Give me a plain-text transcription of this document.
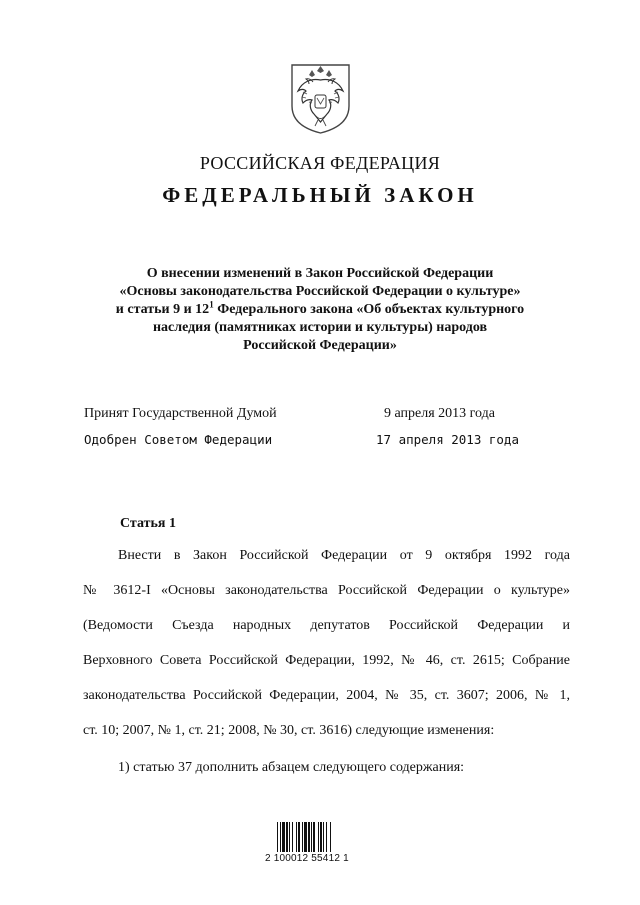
РОССИЙСКАЯ ФЕДЕРАЦИЯ
ФЕДЕРАЛЬНЫЙ ЗАКОН
О внесении изменений в Закон Российской Федерации
«Основы законодательства Российской Федерации о культуре»
и статьи 9 и $12^1$ Федерального закона «Об объектах культурного
наследия (памятниках истории и культуры) народов
Российской Федерации»
Принят Государственной Думой	9 апреля 2013 года
Одобрен Советом Федерации	17 апреля 2013 года
Статья 1
Внести в Закон Российской Федерации от 9 октября 1992 года
№ 3612-I «Основы законодательства Российской Федерации о культуре»
(Ведомости Съезда народных депутатов Российской Федерации и
Верховного Совета Российской Федерации, 1992, № 46, ст. 2615; Собрание
законодательства Российской Федерации, 2004, № 35, ст. 3607; 2006, № 1,
ст. 10; 2007, № 1, ст. 21; 2008, № 30, ст. 3616) следующие изменения:
1) статью 37 дополнить абзацем следующего содержания:
2 100012 55412 1
